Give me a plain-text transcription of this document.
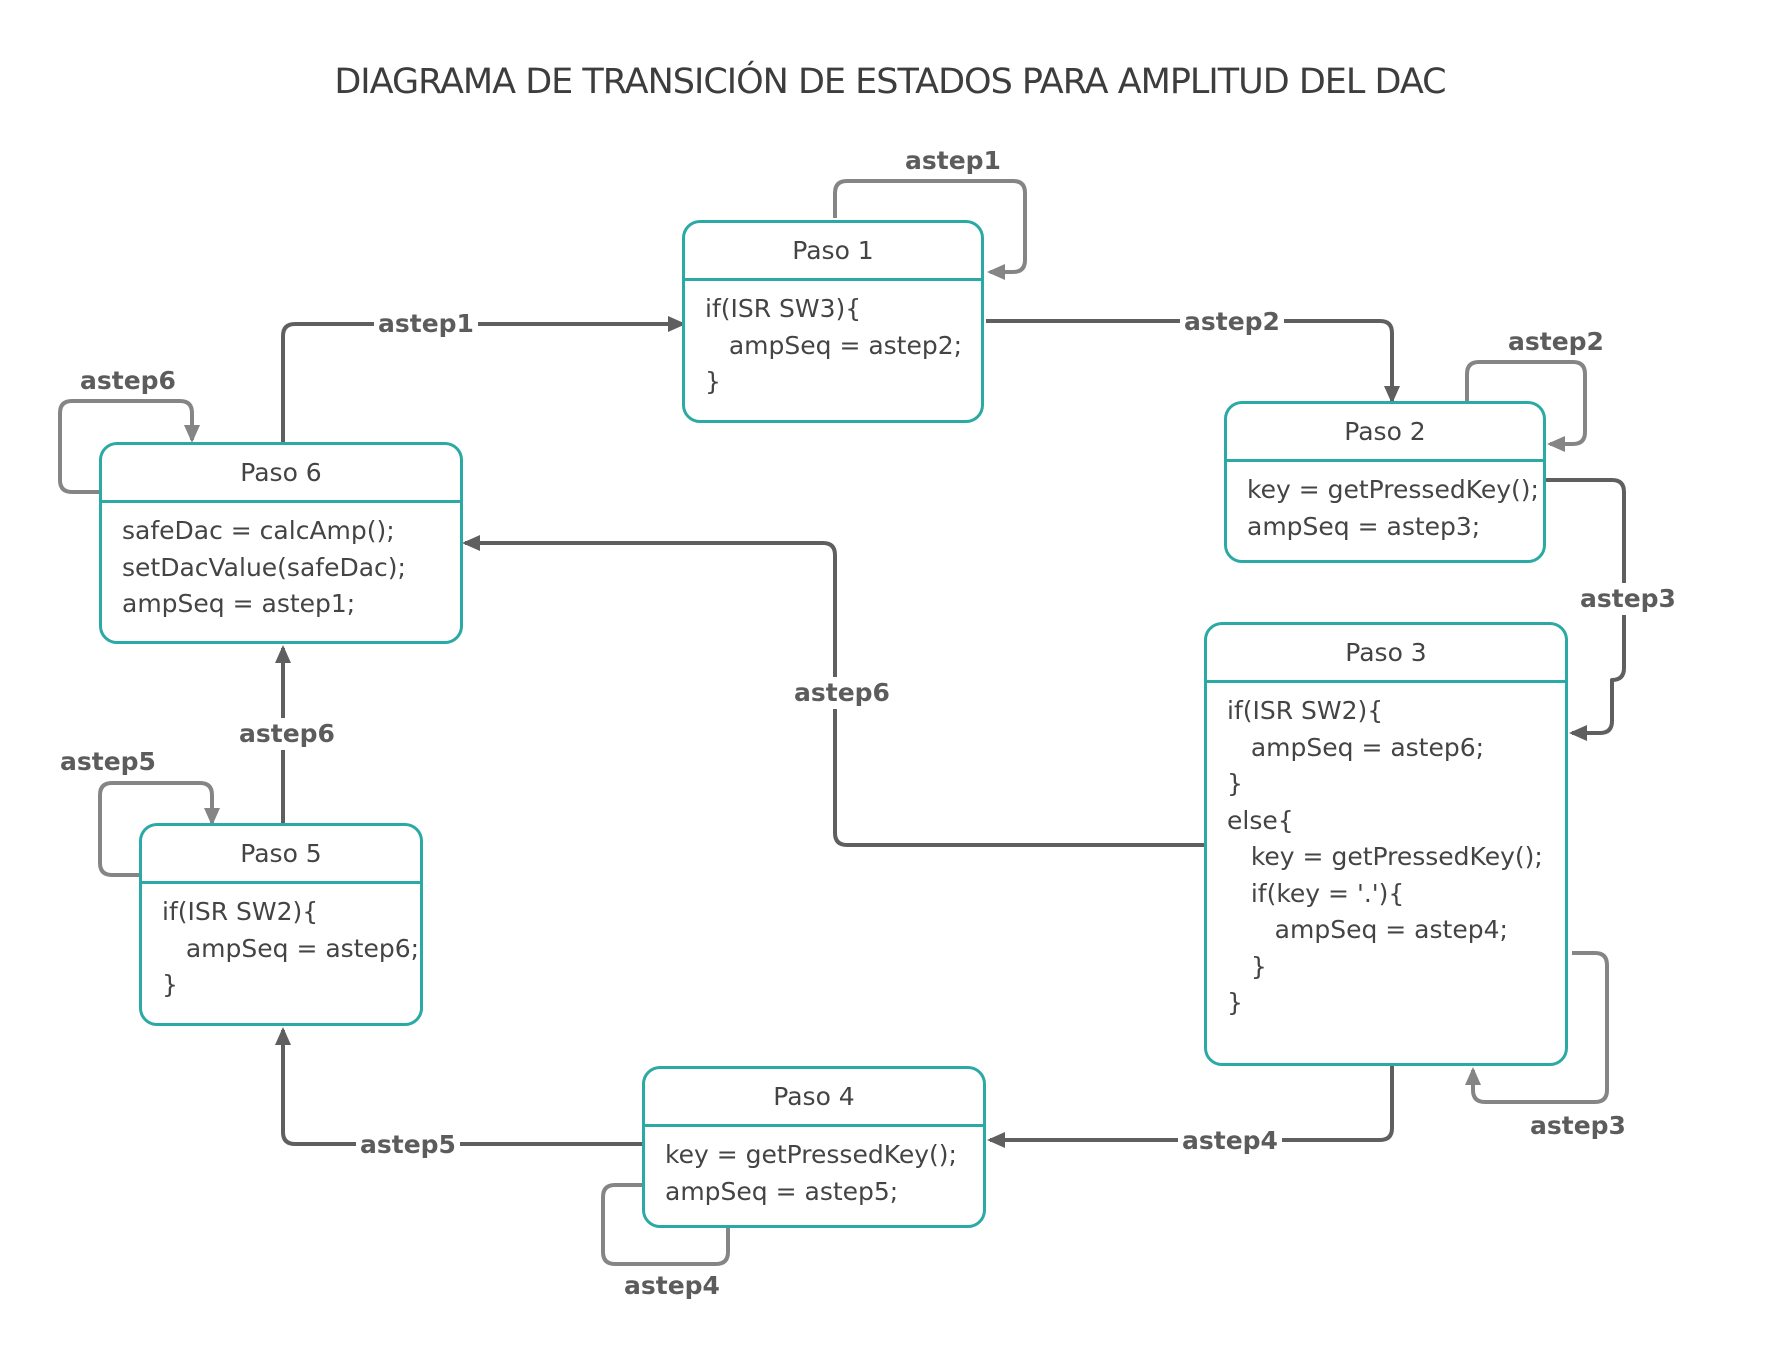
DIAGRAMA DE TRANSICIÓN DE ESTADOS PARA AMPLITUD DEL DAC
Paso 1
if(ISR SW3){
ampSeq = astep2;
}
Paso 2
key = getPressedKey();
ampSeq = astep3;
Paso 3
if(ISR SW2){
ampSeq = astep6;
}
else{
key = getPressedKey();
if(key = '.'){
ampSeq = astep4;
}
}
Paso 4
key = getPressedKey();
ampSeq = astep5;
Paso 5
if(ISR SW2){
ampSeq = astep6;
}
Paso 6
safeDac = calcAmp();
setDacValue(safeDac);
ampSeq = astep1;
astep1
astep1
astep2
astep2
astep3
astep3
astep4
astep4
astep5
astep5
astep6
astep6
astep6
